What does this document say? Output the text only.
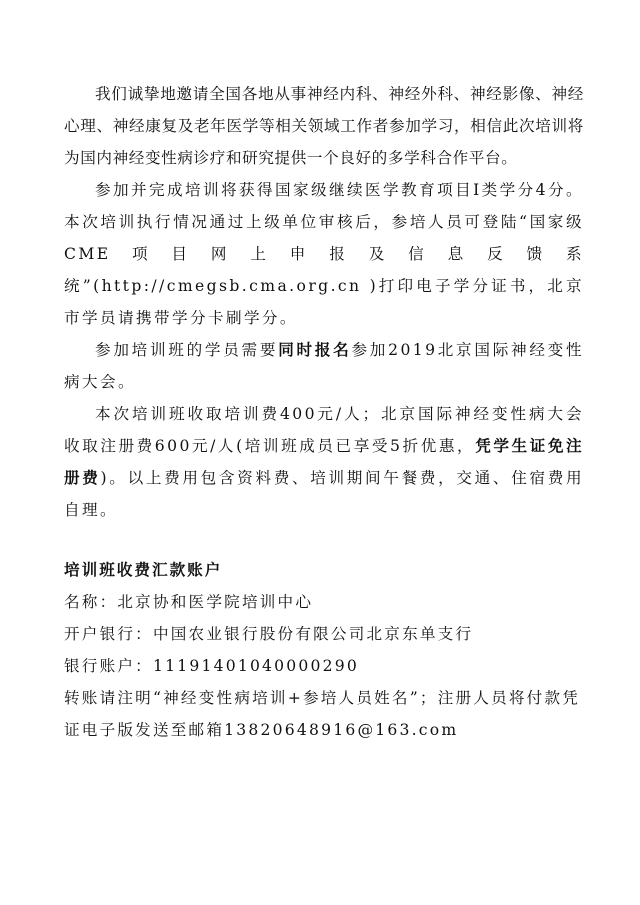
我们诚挚地邀请全国各地从事神经内科、神经外科、神经影像、神经心理、神经康复及老年医学等相关领域工作者参加学习，相信此次培训将为国内神经变性病诊疗和研究提供一个良好的多学科合作平台。

参加并完成培训将获得国家级继续医学教育项目Ⅰ类学分4分。本次培训执行情况通过上级单位审核后，参培人员可登陆“国家级CME项目网上申报及信息反馈系统”(http://cmegsb.cma.org.cn )打印电子学分证书，北京市学员请携带学分卡刷学分。

参加培训班的学员需要同时报名参加2019北京国际神经变性病大会。

本次培训班收取培训费400元/人；北京国际神经变性病大会收取注册费600元/人(培训班成员已享受5折优惠，凭学生证免注册费)。以上费用包含资料费、培训期间午餐费，交通、住宿费用自理。

培训班收费汇款账户

名称：北京协和医学院培训中心

开户银行：中国农业银行股份有限公司北京东单支行

银行账户：11191401040000290

转账请注明“神经变性病培训+参培人员姓名”；注册人员将付款凭证电子版发送至邮箱13820648916@163.com
